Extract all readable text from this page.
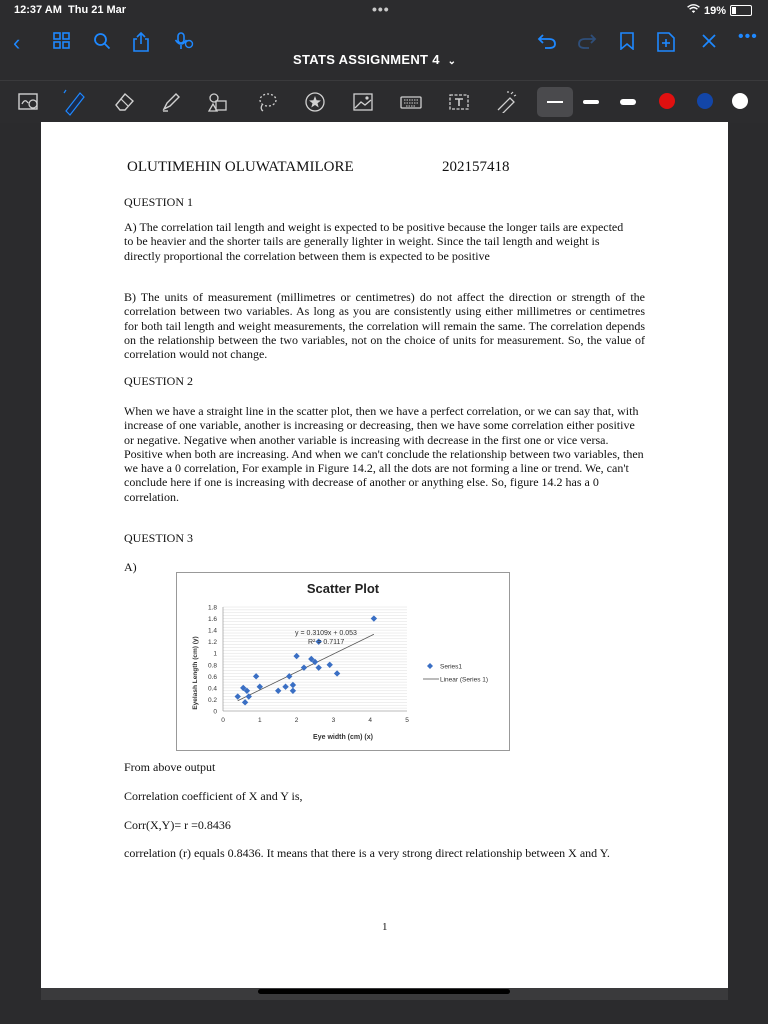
12:37 AM Thu 21 Mar	•••	19%
‹
STATS ASSIGNMENT 4 ⌄
•••

OLUTIMEHIN OLUWATAMILORE	202157418

QUESTION 1

A) The correlation tail length and weight is expected to be positive because the longer tails are expected to be heavier and the shorter tails are generally lighter in weight. Since the tail length and weight is directly proportional the correlation between them is expected to be positive

B) The units of measurement (millimetres or centimetres) do not affect the direction or strength of the correlation between two variables. As long as you are consistently using either millimetres or centimetres for both tail length and weight measurements, the correlation will remain the same. The correlation depends on the relationship between the two variables, not on the choice of units for measurement. So, the value of correlation would not change.

QUESTION 2

When we have a straight line in the scatter plot, then we have a perfect correlation, or we can say that, with increase of one variable, another is increasing or decreasing, then we have some correlation either positive or negative. Negative when another variable is increasing with decrease in the first one or vice versa. Positive when both are increasing. And when we can't conclude the relationship between two variables, then we have a 0 correlation, For example in Figure 14.2, all the dots are not forming a line or trend. We, can't conclude here if one is increasing with decrease of another or anything else. So, figure 14.2 has a 0 correlation.

QUESTION 3

A)

Scatter Plot
0
0.2
0.4
0.6
0.8
1
1.2
1.4
1.6
1.8
0	1	2	3	4	5
y = 0.3109x + 0.053
R² = 0.7117
Eye width (cm) (x)
Eyelash Length (cm) (y)	Series1
Linear (Series 1)

From above output

Correlation coefficient of X and Y is,

Corr(X,Y)= r =0.8436

correlation (r) equals 0.8436. It means that there is a very strong direct relationship between X and Y.

1
